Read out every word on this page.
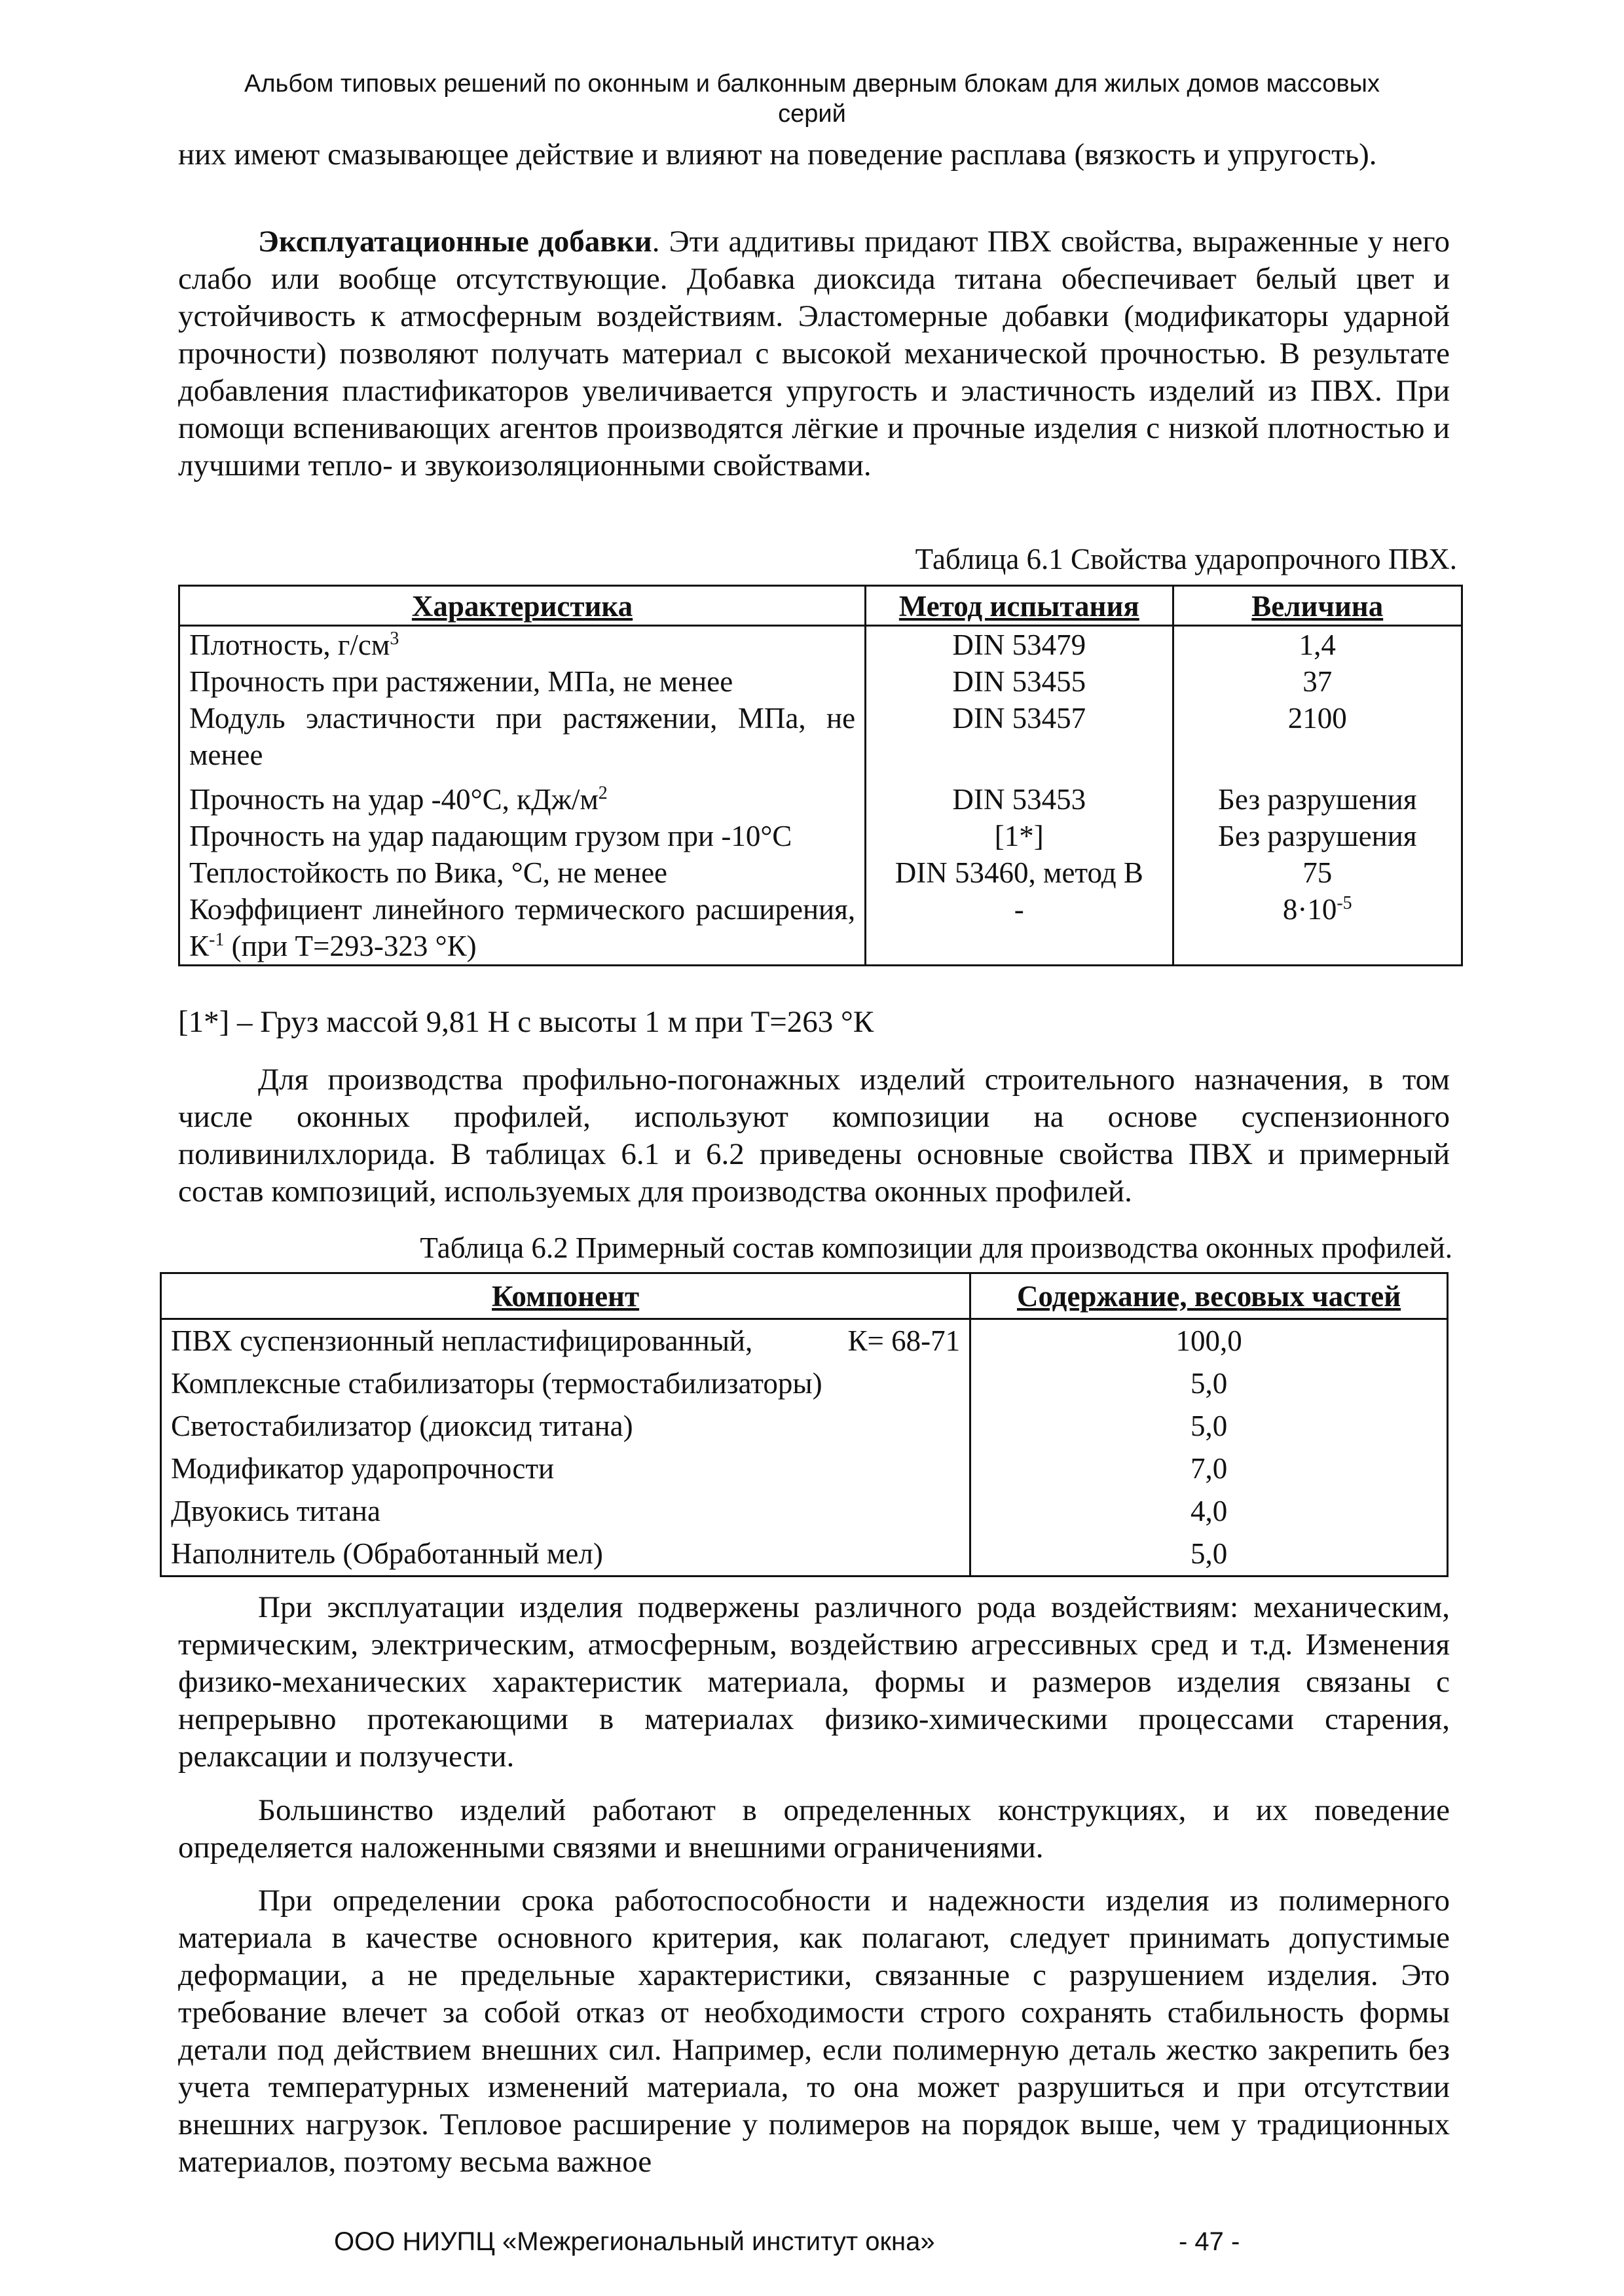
Альбом типовых решений по оконным и балконным дверным блокам для жилых домов массовых
серий

них имеют смазывающее действие и влияют на поведение расплава (вязкость и упругость).

Эксплуатационные добавки. Эти аддитивы придают ПВХ свойства, выраженные у него слабо или вообще отсутствующие. Добавка диоксида титана обеспечивает белый цвет и устойчивость к атмосферным воздействиям. Эластомерные добавки (модификаторы ударной прочности) позволяют получать материал с высокой механической прочностью. В результате добавления пластификаторов увеличивается упругость и эластичность изделий из ПВХ. При помощи вспенивающих агентов производятся лёгкие и прочные изделия с низкой плотностью и лучшими тепло- и звукоизоляционными свойствами.

Таблица 6.1 Свойства ударопрочного ПВХ.

Характеристика	Метод испытания	Величина
Плотность, $г/см^3$	DIN 53479	1,4
Прочность при растяжении, МПа, не менее	DIN 53455	37
Модуль эластичности при растяжении, МПа, не менее	DIN 53457	2100
Прочность на удар -40°С, кДж/$м^2$	DIN 53453	Без разрушения
Прочность на удар падающим грузом при -10°С	[1*]	Без разрушения
Теплостойкость по Вика, °С, не менее	DIN 53460, метод В	75
Коэффициент линейного термического расширения, $К^{-1}$ (при Т=293-323 °К)	-	$8\cdot 10^{-5}$
[1*] – Груз массой 9,81 Н с высоты 1 м при Т=263 °К

Для производства профильно-погонажных изделий строительного назначения, в том числе оконных профилей, используют композиции на основе суспензионного поливинилхлорида. В таблицах 6.1 и 6.2 приведены основные свойства ПВХ и примерный состав композиций, используемых для производства оконных профилей.

Таблица 6.2 Примерный состав композиции для производства оконных профилей.

Компонент	Содержание, весовых частей
ПВХ суспензионный непластифицированный, К= 68-71	100,0
Комплексные стабилизаторы (термостабилизаторы)	5,0
Светостабилизатор (диоксид титана)	5,0
Модификатор ударопрочности	7,0
Двуокись титана	4,0
Наполнитель (Обработанный мел)	5,0

При эксплуатации изделия подвержены различного рода воздействиям: механическим, термическим, электрическим, атмосферным, воздействию агрессивных сред и т.д. Изменения физико-механических характеристик материала, формы и размеров изделия связаны с непрерывно протекающими в материалах физико-химическими процессами старения, релаксации и ползучести.

Большинство изделий работают в определенных конструкциях, и их поведение определяется наложенными связями и внешними ограничениями.

При определении срока работоспособности и надежности изделия из полимерного материала в качестве основного критерия, как полагают, следует принимать допустимые деформации, а не предельные характеристики, связанные с разрушением изделия. Это требование влечет за собой отказ от необходимости строго сохранять стабильность формы детали под действием внешних сил. Например, если полимерную деталь жестко закрепить без учета температурных изменений материала, то она может разрушиться и при отсутствии внешних нагрузок. Тепловое расширение у полимеров на порядок выше, чем у традиционных материалов, поэтому весьма важное

ООО НИУПЦ «Межрегиональный институт окна»	- 47 -
